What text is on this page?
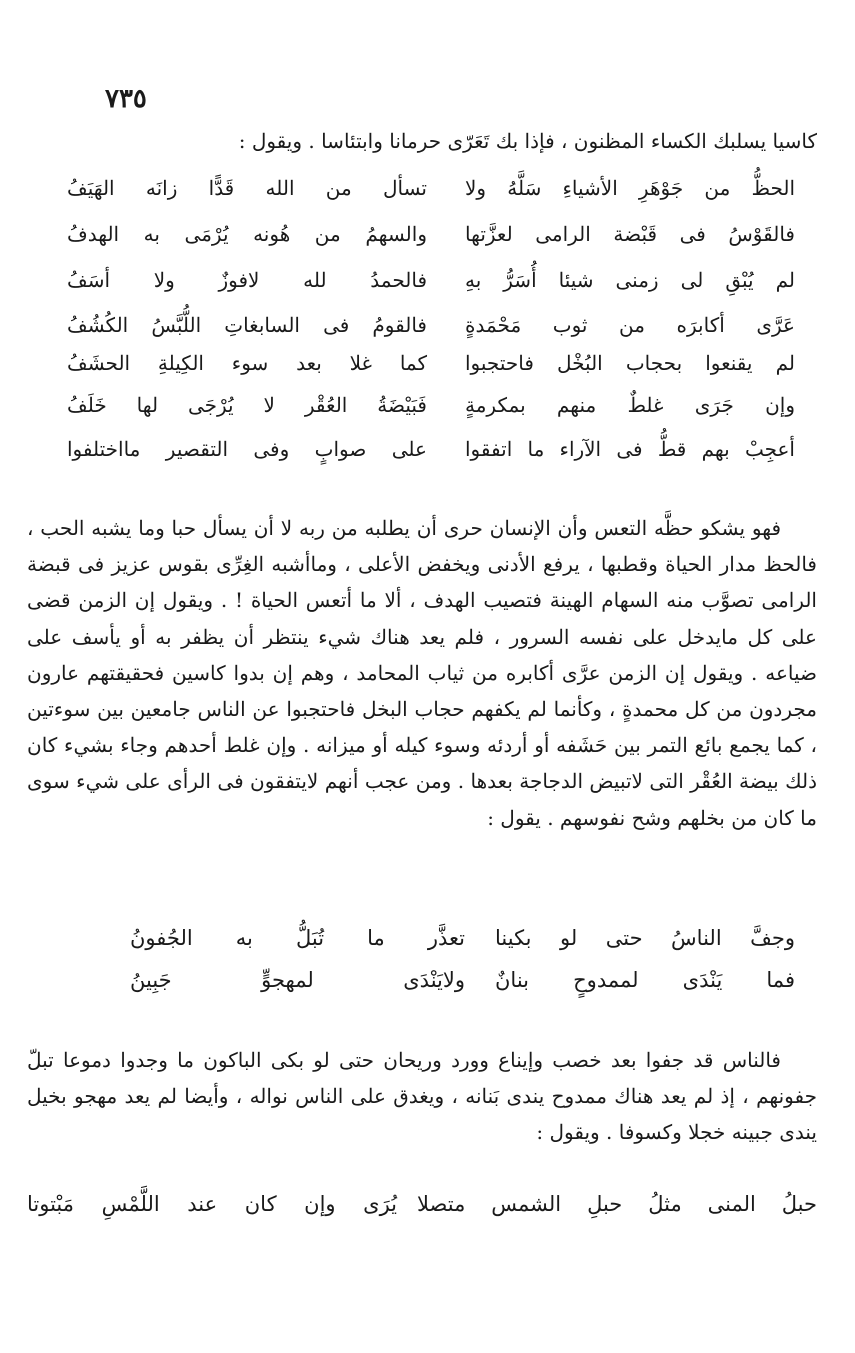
٧٣٥
كاسيا يسلبك الكساء المظنون ، فإذا بك تَعَرّى حرمانا وابتئاسا . ويقول :
الحظُّ من جَوْهَرِ الأشياءِ سَلَّهُ ولا
تسأل من الله قَدًّا زانَه الهَيَفُ
فالقَوْسُ فى قَبْضة الرامى لعزَّتها
والسهمُ من هُونه يُرْمَى به الهدفُ
لم يُبْقِ لى زمنى شيئا أُسَرُّ بهِ
فالحمدُ لله لافوزٌ ولا أسَفُ
عَرَّى أكابرَه من ثوب مَحْمَدةٍ
فالقومُ فى السابغاتِ اللُّبَّسُ الكُشُفُ
لم يقنعوا بحجاب البُخْل فاحتجبوا
كما غلا بعد سوء الكِيلةِ الحشَفُ
وإن جَرَى غلطٌ منهم بمكرمةٍ
فَبَيْضَةُ العُقْر لا يُرْجَى لها خَلَفُ
أعجِبْ بهم قطُّ فى الآراء ما اتفقوا
على صوابٍ وفى التقصير مااختلفوا

فهو يشكو حظَّه التعس وأن الإنسان حرى أن يطلبه من ربه لا أن يسأل حبا وما يشبه الحب ، فالحظ مدار الحياة وقطبها ، يرفع الأدنى ويخفض الأعلى ، وماأشبه الغِرِّى بقوس عزيز فى قبضة الرامى تصوَّب منه السهام الهينة فتصيب الهدف ، ألا ما أتعس الحياة ! . ويقول إن الزمن قضى على كل مايدخل على نفسه السرور ، فلم يعد هناك شيء ينتظر أن يظفر به أو يأسف على ضياعه . ويقول إن الزمن عرَّى أكابره من ثياب المحامد ، وهم إن بدوا كاسين فحقيقتهم عارون مجردون من كل محمدةٍ ، وكأنما لم يكفهم حجاب البخل فاحتجبوا عن الناس جامعين بين سوءتين ، كما يجمع بائع التمر بين حَشَفه أو أردئه وسوء كيله أو ميزانه . وإن غلط أحدهم وجاء بشيء كان ذلك بيضة العُقْر التى لاتبيض الدجاجة بعدها . ومن عجب أنهم لايتفقون فى الرأى على شيء سوى ما كان من بخلهم وشح نفوسهم . يقول :

وجفَّ الناسُ حتى لو بكينا
تعذَّر ما تُبَلُّ به الجُفونُ
فما يَنْدَى لممدوحٍ بنانٌ
ولايَنْدَى لمهجوٍّ جَبِينُ

فالناس قد جفوا بعد خصب وإيناع وورد وريحان حتى لو بكى الباكون ما وجدوا دموعا تبلّ جفونهم ، إذ لم يعد هناك ممدوح يندى بَنانه ، ويغدق على الناس نواله ، وأيضا لم يعد مهجو بخيل يندى جبينه خجلا وكسوفا . ويقول :

حبلُ المنى مثلُ حبلِ الشمس متصلا
يُرَى وإن كان عند اللَّمْسِ مَبْتوتا
